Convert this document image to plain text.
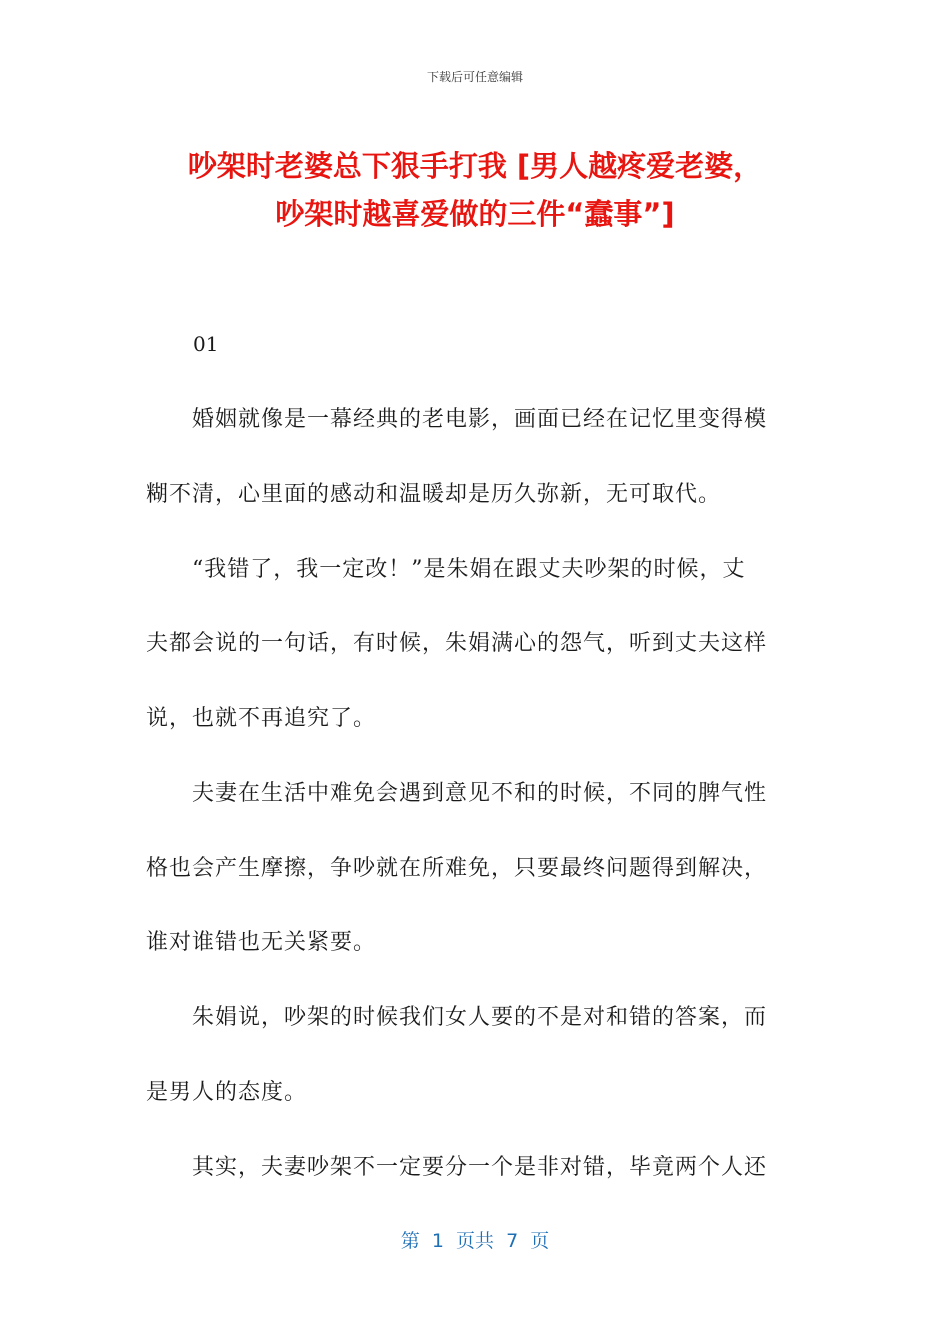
下载后可任意编辑
吵架时老婆总下狠手打我 [男人越疼爱老婆，
吵架时越喜爱做的三件“蠢事”]
01
　　婚姻就像是一幕经典的老电影，画面已经在记忆里变得模
糊不清，心里面的感动和温暖却是历久弥新，无可取代。
　　“我错了，我一定改！”是朱娟在跟丈夫吵架的时候，丈
夫都会说的一句话，有时候，朱娟满心的怨气，听到丈夫这样
说，也就不再追究了。
　　夫妻在生活中难免会遇到意见不和的时候，不同的脾气性
格也会产生摩擦，争吵就在所难免，只要最终问题得到解决，
谁对谁错也无关紧要。
　　朱娟说，吵架的时候我们女人要的不是对和错的答案，而
是男人的态度。
　　其实，夫妻吵架不一定要分一个是非对错，毕竟两个人还
第  1  页共  7  页
